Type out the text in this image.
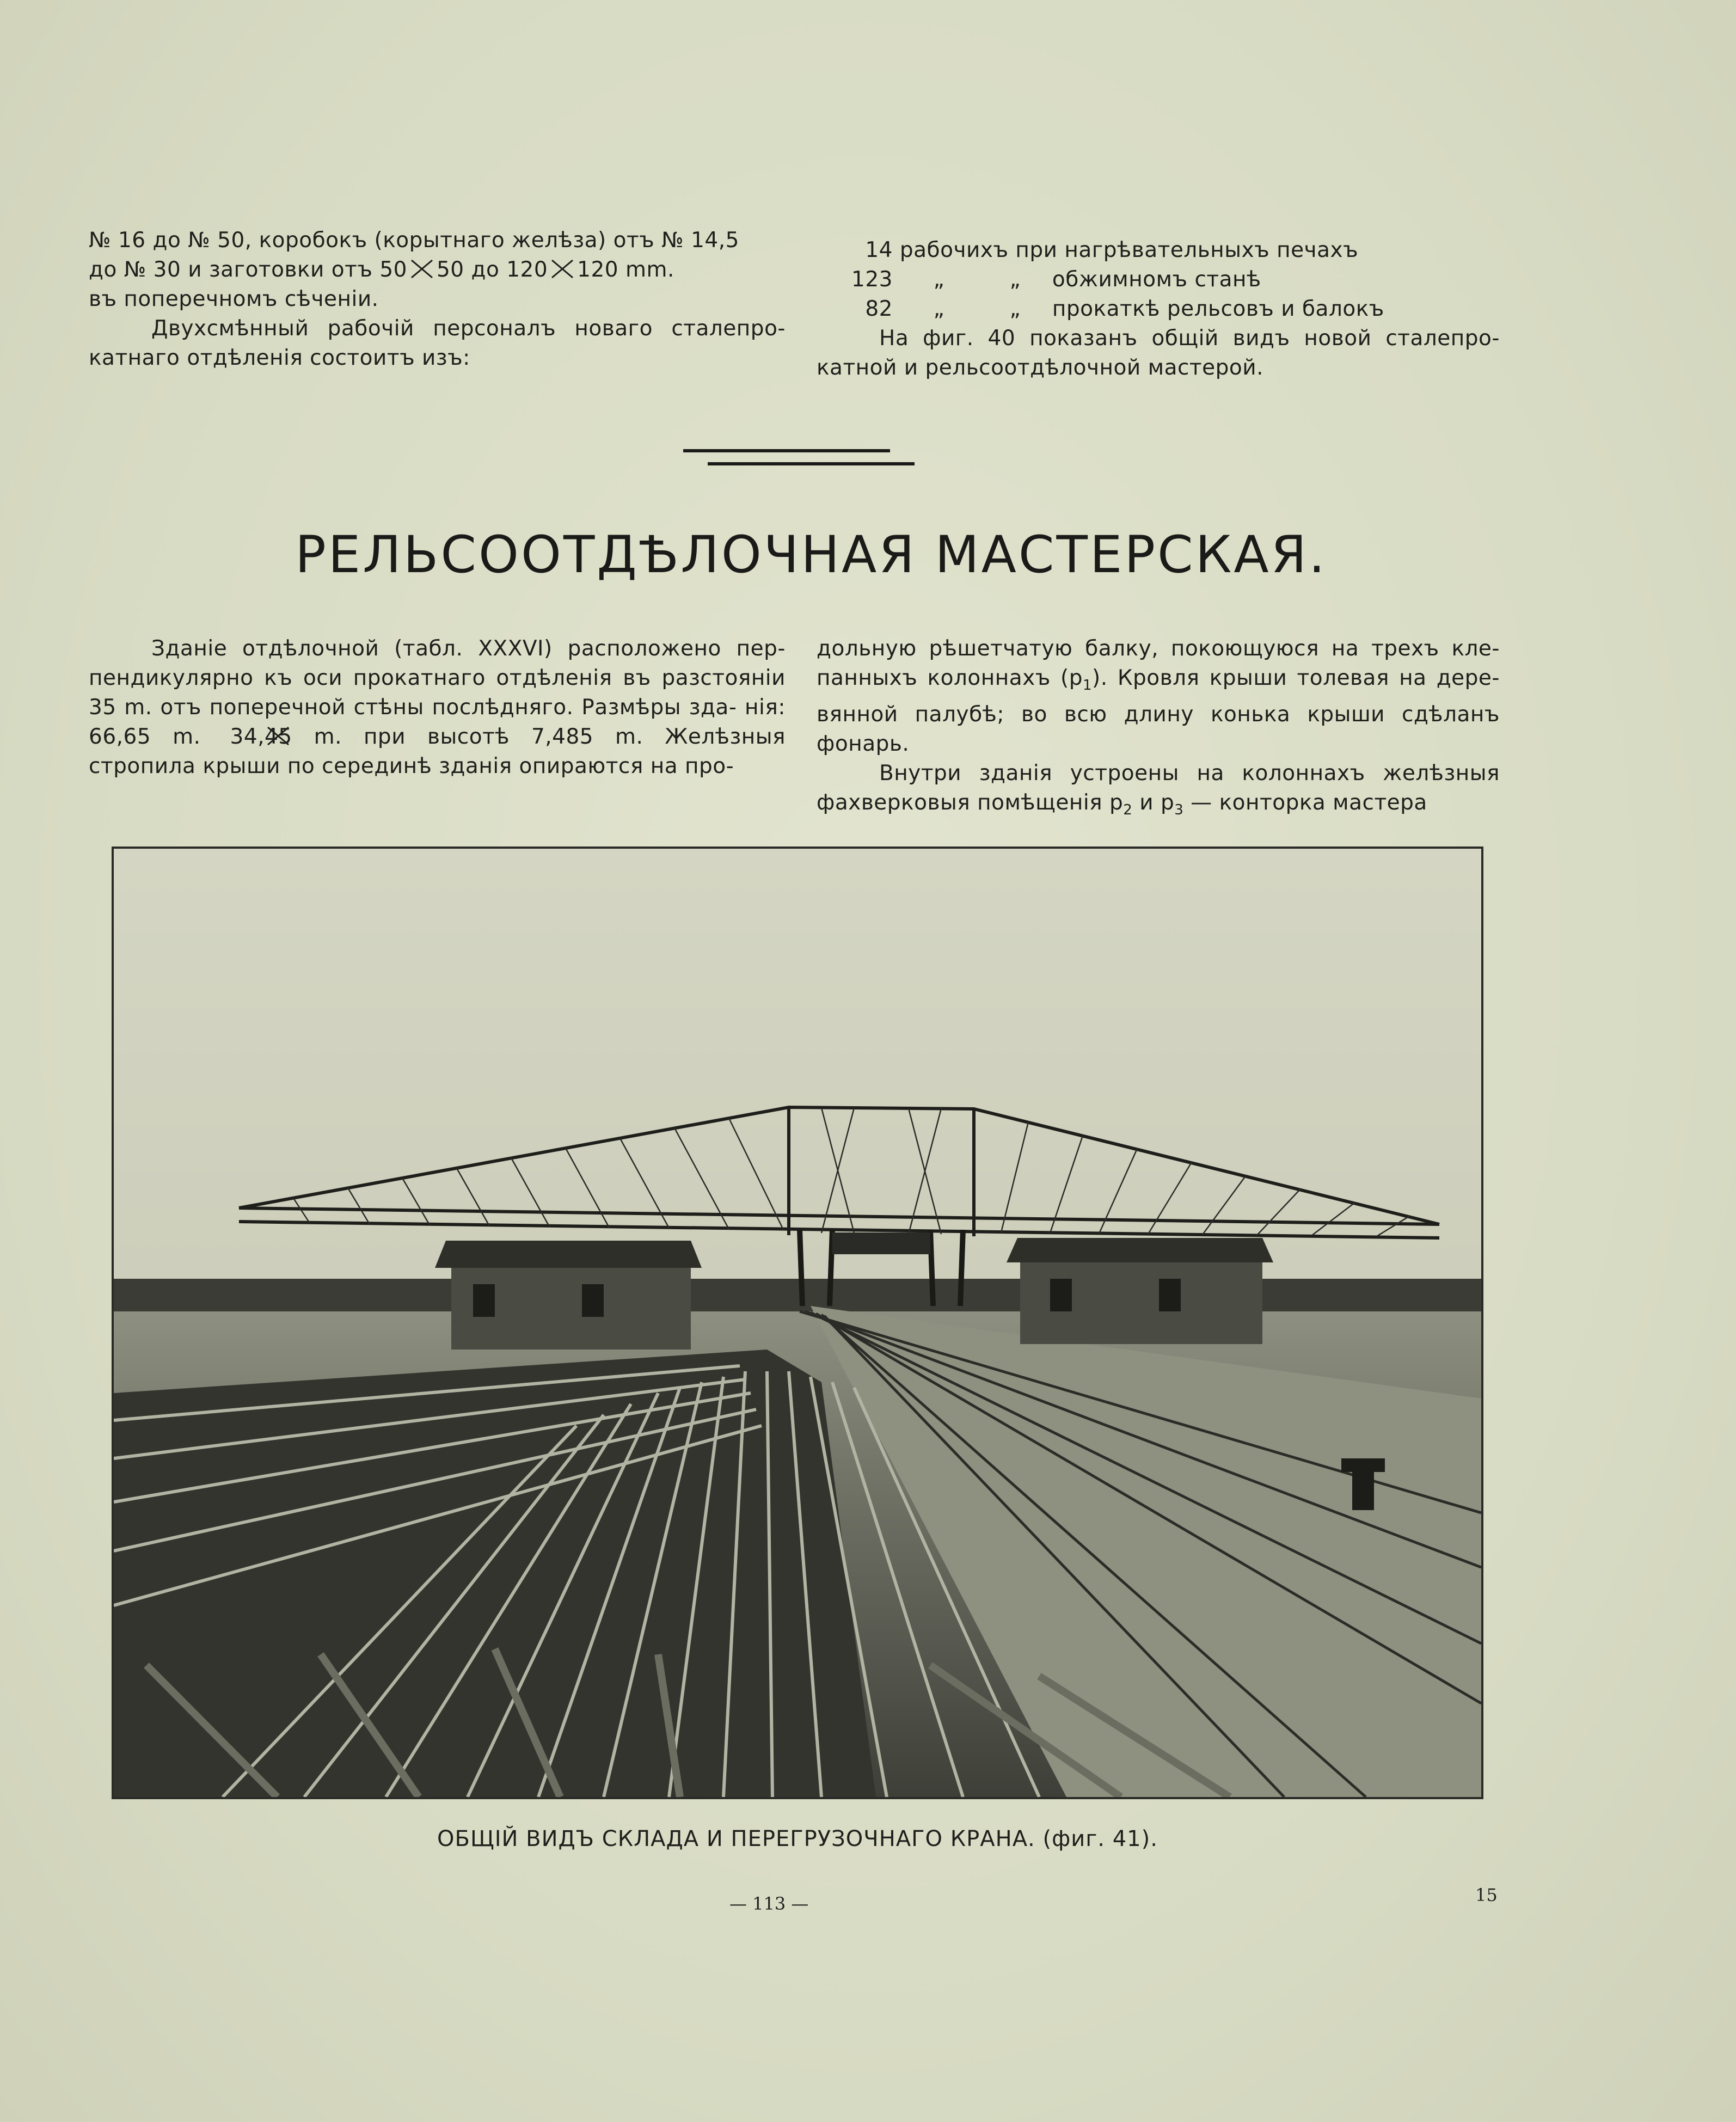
№ 16 до № 50, коробокъ (корытнаго желѣза) отъ № 14,5
до № 30 и заготовки отъ 50 50 до 120 120 mm.
въ поперечномъ сѣченіи.

Двухсмѣнный рабочій персоналъ новаго сталепро- катнаго отдѣленія состоитъ изъ:

14 рабочихъ при нагрѣвательныхъ печахъ
123 „	„ обжимномъ станѣ
82 „	„ прокаткѣ рельсовъ и балокъ

На фиг. 40 показанъ общій видъ новой сталепро- катной и рельсоотдѣлочной мастерой.

РЕЛЬСООТДѢЛОЧНАЯ МАСТЕРСКАЯ.

Зданіе отдѣлочной (табл. XXXVI) расположено пер- пендикулярно къ оси прокатнаго отдѣленія въ разстояніи 35 m. отъ поперечной стѣны послѣдняго. Размѣры зда- нія: 66,65 m. 34,45 m. при высотѣ 7,485 m. Желѣзныя стропила крыши по серединѣ зданія опираются на про-

дольную рѣшетчатую балку, покоющуюся на трехъ кле- панныхъ колоннахъ $(p_1)$. Кровля крыши толевая на дере- вянной палубѣ; во всю длину конька крыши сдѣланъ фонарь.

Внутри зданія устроены на колоннахъ желѣзныя фахверковыя помѣщенія $p_2$ и $p_3$ — конторка мастера

ОБЩІЙ ВИДЪ СКЛАДА И ПЕРЕГРУЗОЧНАГО КРАНА. (фиг. 41).
— 113 —	15
